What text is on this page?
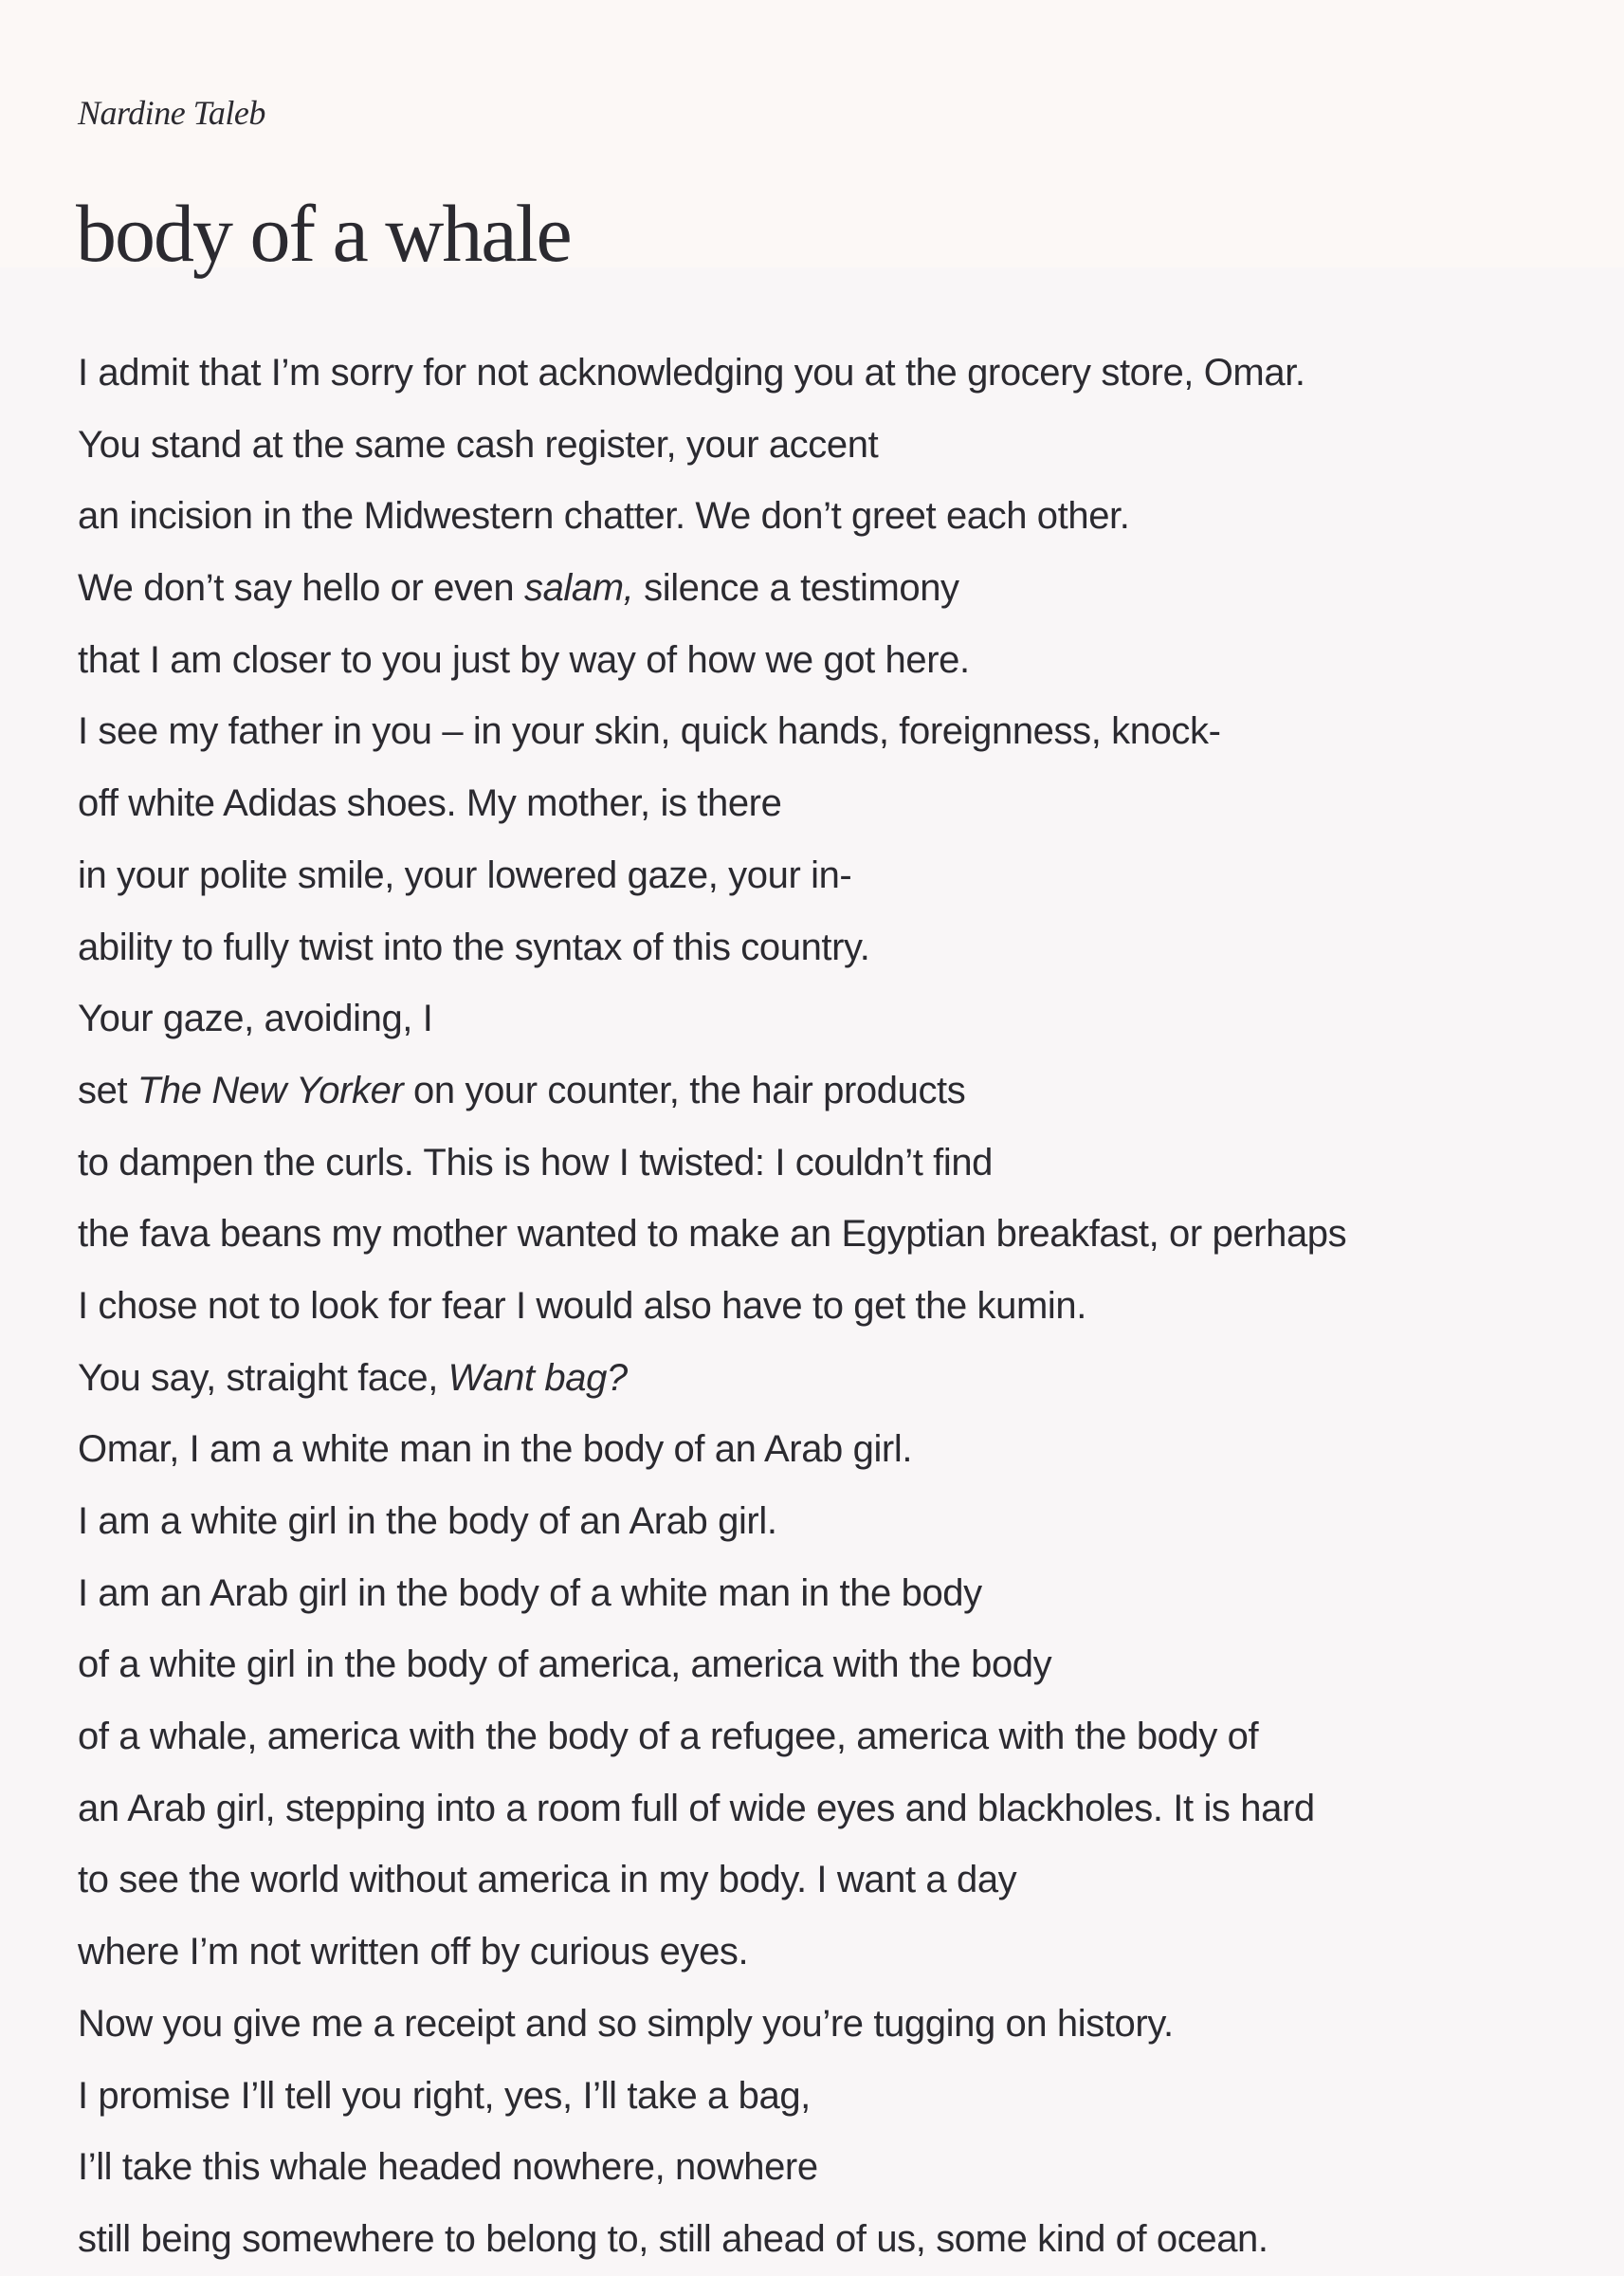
Nardine Taleb
body of a whale
I admit that I’m sorry for not acknowledging you at the grocery store, Omar.
You stand at the same cash register, your accent
an incision in the Midwestern chatter. We don’t greet each other.
We don’t say hello or even salam, silence a testimony
that I am closer to you just by way of how we got here.
I see my father in you – in your skin, quick hands, foreignness, knock-
off white Adidas shoes. My mother, is there
in your polite smile, your lowered gaze, your in-
ability to fully twist into the syntax of this country.
Your gaze, avoiding, I
set The New Yorker on your counter, the hair products
to dampen the curls. This is how I twisted: I couldn’t find
the fava beans my mother wanted to make an Egyptian breakfast, or perhaps
I chose not to look for fear I would also have to get the kumin.
You say, straight face, Want bag?
Omar, I am a white man in the body of an Arab girl.
I am a white girl in the body of an Arab girl.
I am an Arab girl in the body of a white man in the body
of a white girl in the body of america, america with the body
of a whale, america with the body of a refugee, america with the body of
an Arab girl, stepping into a room full of wide eyes and blackholes. It is hard
to see the world without america in my body. I want a day
where I’m not written off by curious eyes.
Now you give me a receipt and so simply you’re tugging on history.
I promise I’ll tell you right, yes, I’ll take a bag,
I’ll take this whale headed nowhere, nowhere
still being somewhere to belong to, still ahead of us, some kind of ocean.
